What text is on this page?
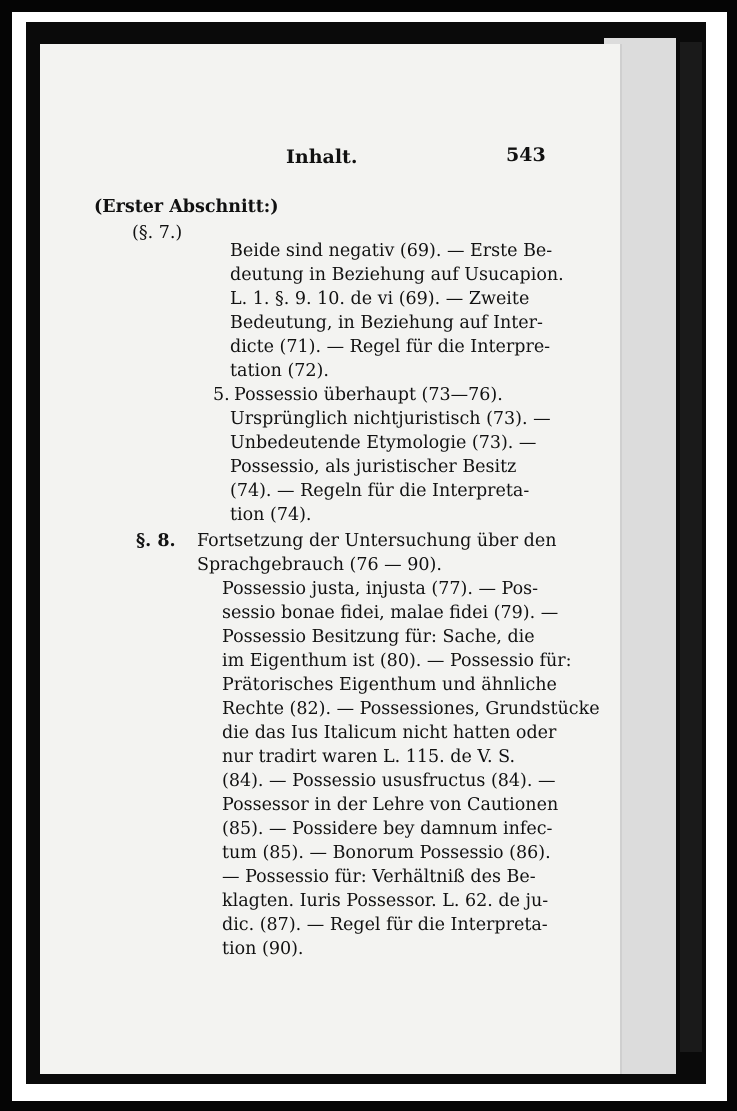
Inhalt.	543
(Erster Abschnitt:)
(§. 7.)
Beide sind negativ (69). — Erste Be-
deutung in Beziehung auf Usucapion.
L. 1. §. 9. 10. de vi (69). — Zweite
Bedeutung, in Beziehung auf Inter-
dicte (71). — Regel für die Interpre-
tation (72).
5. Possessio überhaupt (73—76).
Ursprünglich nichtjuristisch (73). —
Unbedeutende Etymologie (73). —
Possessio, als juristischer Besitz
(74). — Regeln für die Interpreta-
tion (74).
§. 8. Fortsetzung der Untersuchung über den
Sprachgebrauch (76 — 90).
Possessio justa, injusta (77). — Pos-
sessio bonae fidei, malae fidei (79). —
Possessio Besitzung für: Sache, die
im Eigenthum ist (80). — Possessio für:
Prätorisches Eigenthum und ähnliche
Rechte (82). — Possessiones, Grundstücke
die das Ius Italicum nicht hatten oder
nur tradirt waren L. 115. de V. S.
(84). — Possessio ususfructus (84). —
Possessor in der Lehre von Cautionen
(85). — Possidere bey damnum infec-
tum (85). — Bonorum Possessio (86).
— Possessio für: Verhältniß des Be-
klagten. Iuris Possessor. L. 62. de ju-
dic. (87). — Regel für die Interpreta-
tion (90).
